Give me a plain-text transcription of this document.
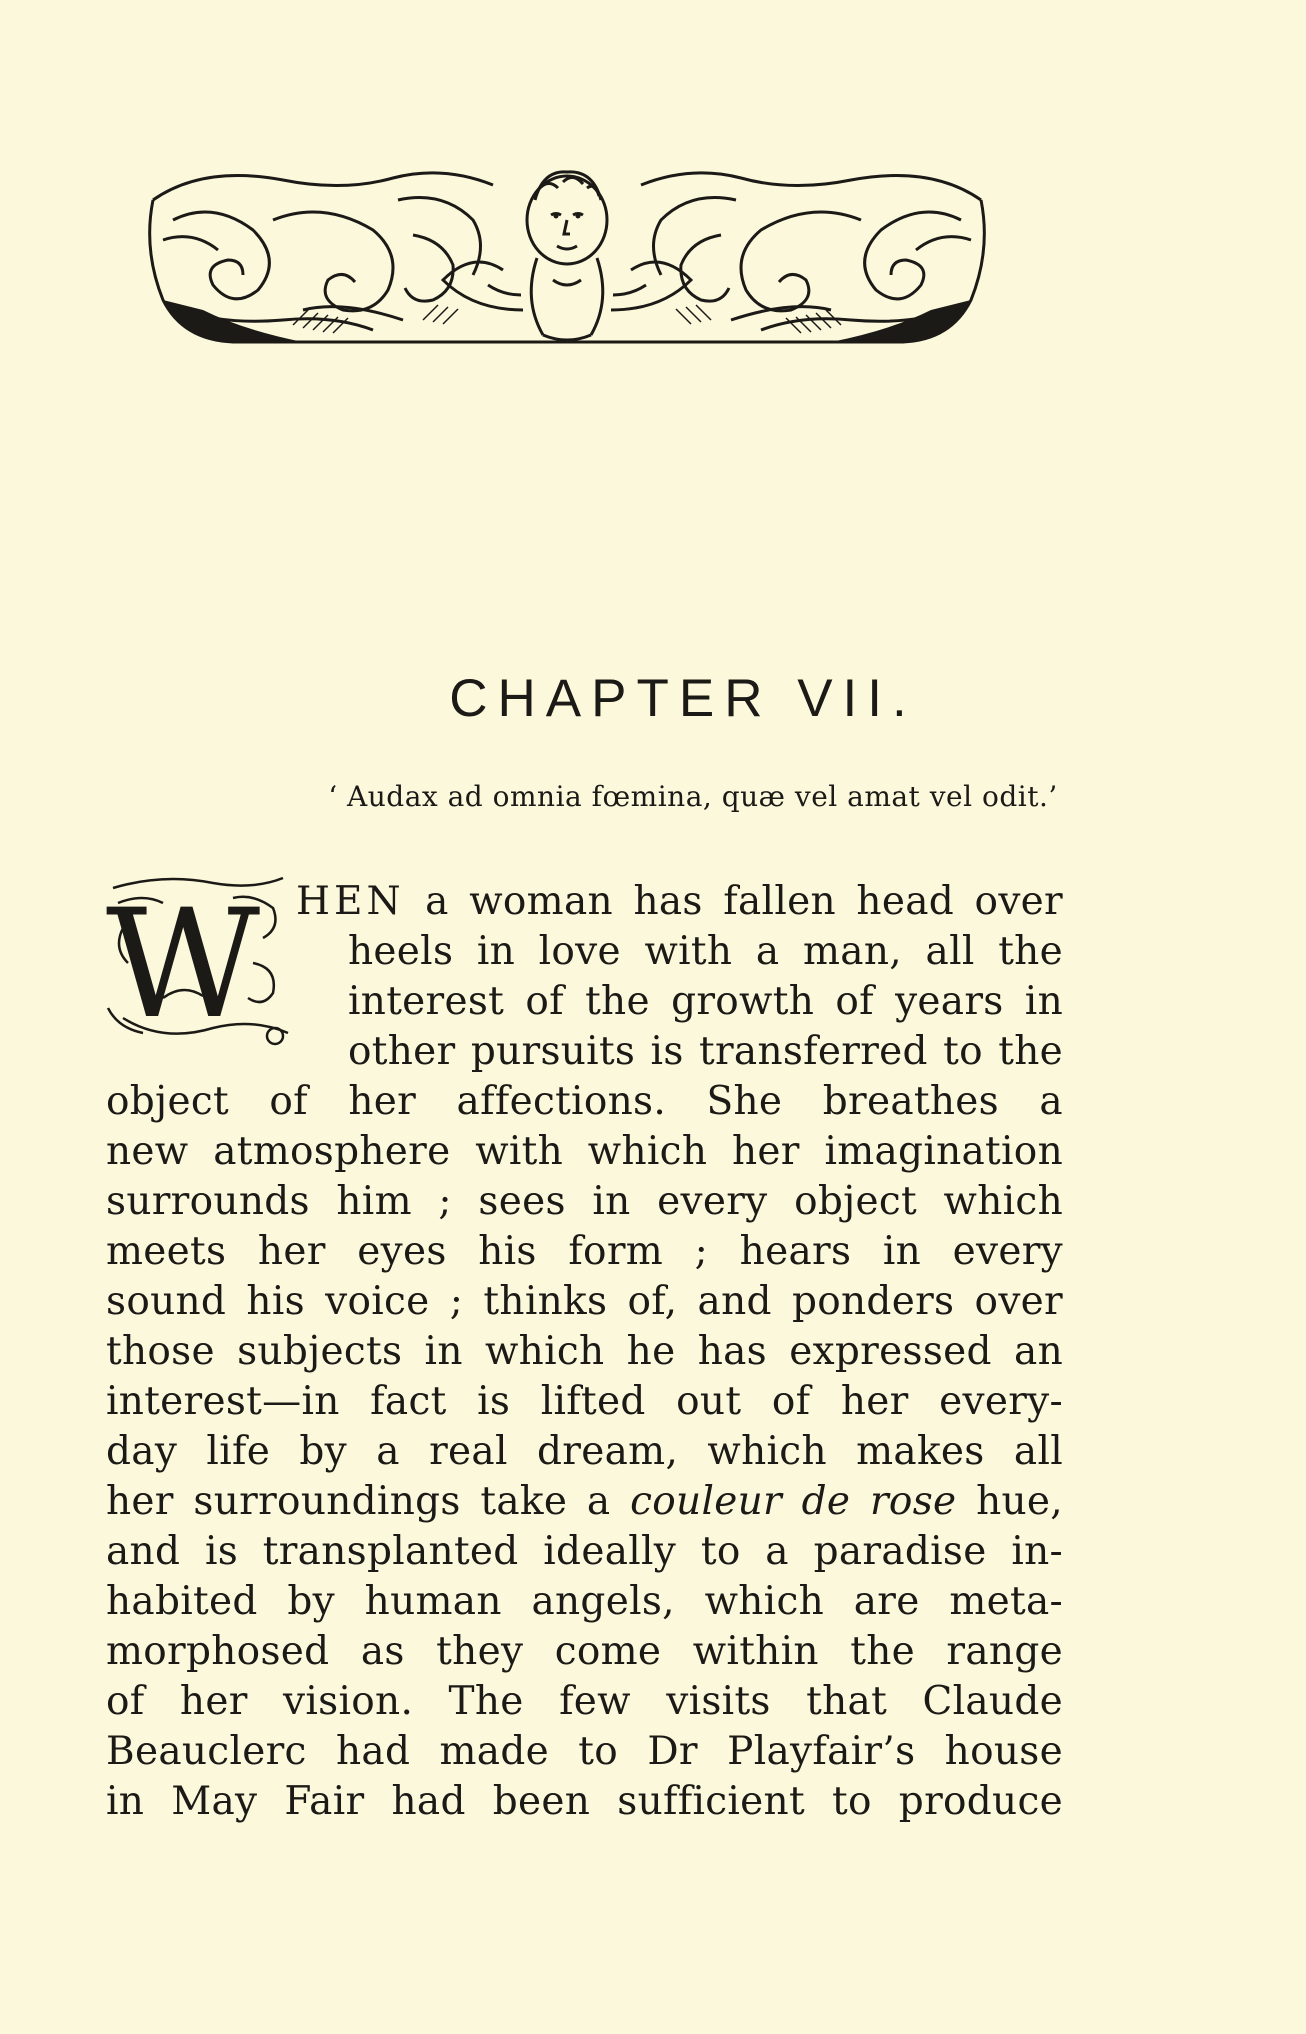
CHAPTER VII.

‘ Audax ad omnia fœmina, quæ vel amat vel odit.’

W HEN a woman has fallen head over

heels in love with a man, all the

interest of the growth of years in

other pursuits is transferred to the

object of her affections. She breathes a

new atmosphere with which her imagination

surrounds him ; sees in every object which

meets her eyes his form ; hears in every

sound his voice ; thinks of, and ponders over

those subjects in which he has expressed an

interest—in fact is lifted out of her every-

day life by a real dream, which makes all

her surroundings take a couleur de rose hue,

and is transplanted ideally to a paradise in-

habited by human angels, which are meta-

morphosed as they come within the range

of her vision. The few visits that Claude

Beauclerc had made to Dr Playfair’s house

in May Fair had been sufficient to produce
